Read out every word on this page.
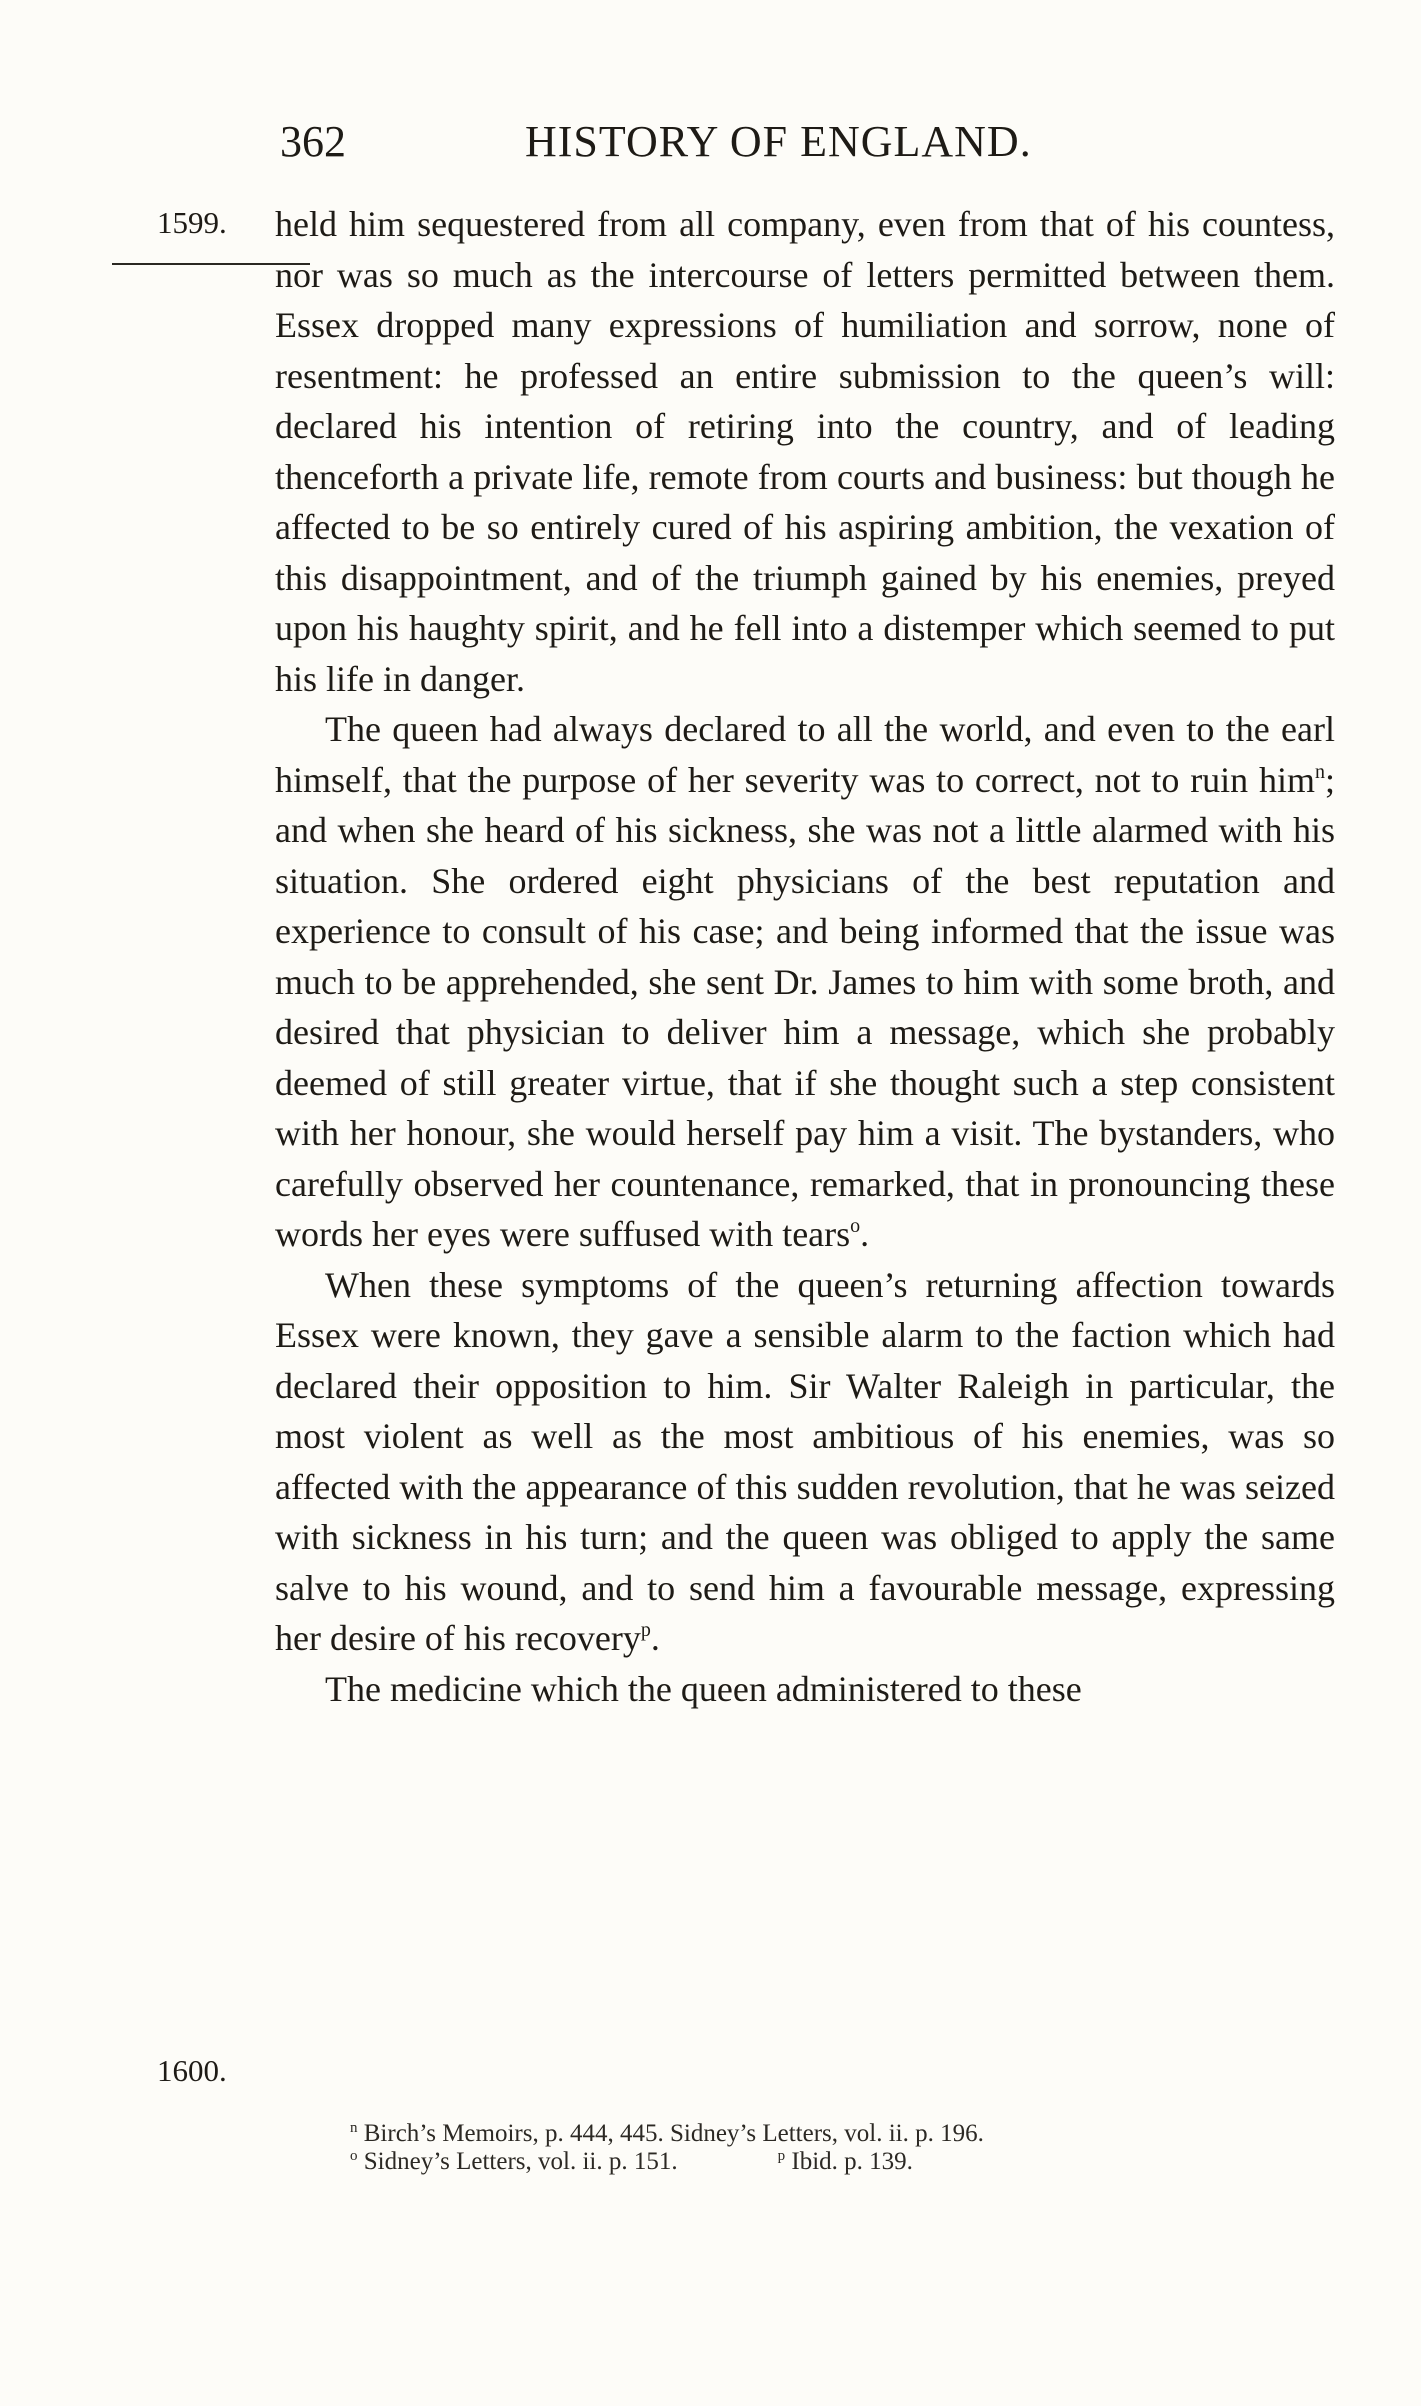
362	HISTORY OF ENGLAND.
1599.
1600.

held him sequestered from all company, even from that of his countess, nor was so much as the intercourse of letters permitted between them. Essex dropped many expressions of humiliation and sorrow, none of resentment: he professed an entire submission to the queen’s will: declared his intention of retiring into the country, and of leading thenceforth a private life, remote from courts and business: but though he affected to be so entirely cured of his aspiring ambition, the vexation of this disappointment, and of the triumph gained by his enemies, preyed upon his haughty spirit, and he fell into a distemper which seemed to put his life in danger.

The queen had always declared to all the world, and even to the earl himself, that the purpose of her severity was to correct, not to ruin him$^n$; and when she heard of his sickness, she was not a little alarmed with his situation. She ordered eight physicians of the best reputation and experience to consult of his case; and being informed that the issue was much to be apprehended, she sent Dr. James to him with some broth, and desired that physician to deliver him a message, which she probably deemed of still greater virtue, that if she thought such a step consistent with her honour, she would herself pay him a visit. The bystanders, who carefully observed her countenance, remarked, that in pronouncing these words her eyes were suffused with tears$^o$.

When these symptoms of the queen’s returning affection towards Essex were known, they gave a sensible alarm to the faction which had declared their opposition to him. Sir Walter Raleigh in particular, the most violent as well as the most ambitious of his enemies, was so affected with the appearance of this sudden revolution, that he was seized with sickness in his turn; and the queen was obliged to apply the same salve to his wound, and to send him a favourable message, expressing her desire of his recovery$^p$.

The medicine which the queen administered to these

$^n$ Birch’s Memoirs, p. 444, 445. Sidney’s Letters, vol. ii. p. 196.
$^o$ Sidney’s Letters, vol. ii. p. 151.	$^p$ Ibid. p. 139.
